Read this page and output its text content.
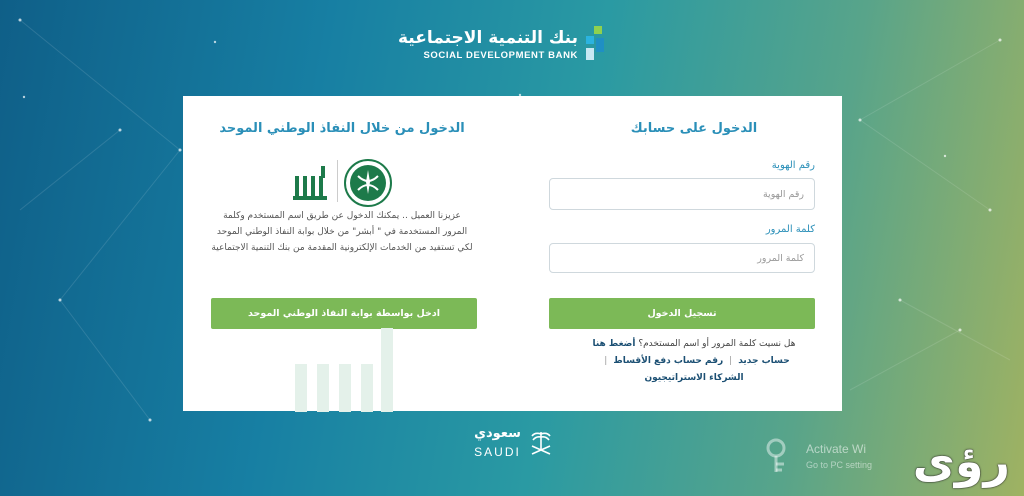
بنك التنمية الاجتماعية
SOCIAL DEVELOPMENT BANK
الدخول على حسابك
رقم الهوية
رقم الهوية
كلمة المرور
تسجيل الدخول
هل نسيت كلمة المرور أو اسم المستخدم؟ أضغط هنا
حساب جديد|رقم حساب دفع الأقساط|
الشركاء الاستراتيجيون
الدخول من خلال النفاذ الوطني الموحد
عزيزنا العميل .. يمكنك الدخول عن طريق اسم المستخدم وكلمة المرور المستخدمة في " أبشر" من خلال بوابة النفاذ الوطني الموحد لكي تستفيد من الخدمات الإلكترونية المقدمة من بنك التنمية الاجتماعية
ادخل بواسطة بوابة النفاذ الوطني الموحد
سعودي
SAUDI	Activate Wi
Go to PC setting رؤى
